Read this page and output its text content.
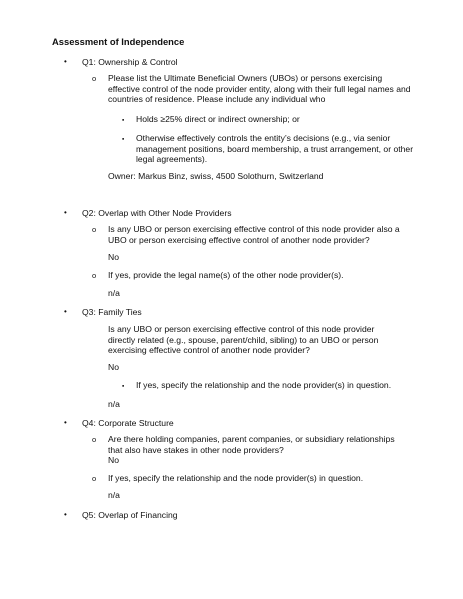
Assessment of Independence
• Q1: Ownership & Control
o Please list the Ultimate Beneficial Owners (UBOs) or persons exercising effective control of the node provider entity, along with their full legal names and countries of residence. Please include any individual who
▪ Holds ≥25% direct or indirect ownership; or
▪ Otherwise effectively controls the entity’s decisions (e.g., via senior management positions, board membership, a trust arrangement, or other legal agreements).
Owner: Markus Binz, swiss, 4500 Solothurn, Switzerland
• Q2: Overlap with Other Node Providers
o Is any UBO or person exercising effective control of this node provider also a UBO or person exercising effective control of another node provider?
No
o If yes, provide the legal name(s) of the other node provider(s).
n/a
• Q3: Family Ties
Is any UBO or person exercising effective control of this node provider directly related (e.g., spouse, parent/child, sibling) to an UBO or person exercising effective control of another node provider?
No
▪ If yes, specify the relationship and the node provider(s) in question.
n/a
• Q4: Corporate Structure
o Are there holding companies, parent companies, or subsidiary relationships that also have stakes in other node providers?
No
o If yes, specify the relationship and the node provider(s) in question.
n/a
• Q5: Overlap of Financing
